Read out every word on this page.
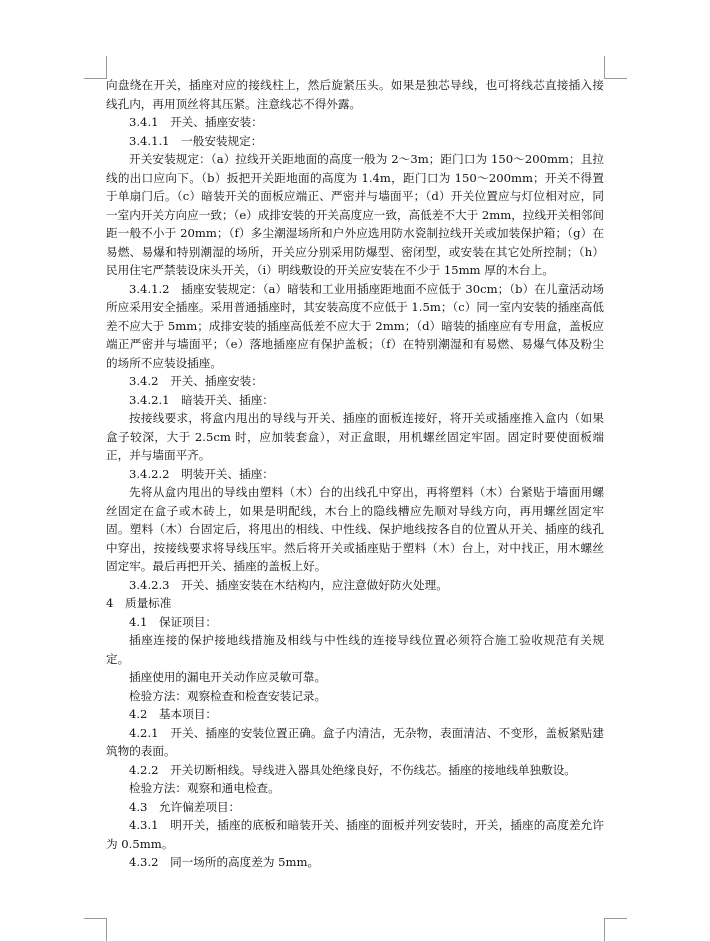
向盘绕在开关，插座对应的接线柱上，然后旋紧压头。如果是独芯导线，也可将线芯直接插入接线孔内，再用顶丝将其压紧。注意线芯不得外露。

3.4.1　开关、插座安装：

3.4.1.1　一般安装规定：

开关安装规定：（a）拉线开关距地面的高度一般为 2～3m；距门口为 150～200mm；且拉线的出口应向下。（b）扳把开关距地面的高度为 1.4m，距门口为 150～200mm；开关不得置于单扇门后。（c）暗装开关的面板应端正、严密并与墙面平；（d）开关位置应与灯位相对应，同一室内开关方向应一致；（e）成排安装的开关高度应一致，高低差不大于 2mm，拉线开关相邻间距一般不小于 20mm；（f）多尘潮湿场所和户外应选用防水瓷制拉线开关或加装保护箱；（g）在易燃、易爆和特别潮湿的场所，开关应分别采用防爆型、密闭型，或安装在其它处所控制；（h）民用住宅严禁装设床头开关，（i）明线敷设的开关应安装在不少于 15mm 厚的木台上。

3.4.1.2　插座安装规定：（a）暗装和工业用插座距地面不应低于 30cm；（b）在儿童活动场所应采用安全插座。采用普通插座时，其安装高度不应低于 1.5m；（c）同一室内安装的插座高低差不应大于 5mm；成排安装的插座高低差不应大于 2mm；（d）暗装的插座应有专用盒，盖板应端正严密并与墙面平；（e）落地插座应有保护盖板；（f）在特别潮湿和有易燃、易爆气体及粉尘的场所不应装设插座。

3.4.2　开关、插座安装：

3.4.2.1　暗装开关、插座：

按接线要求，将盒内甩出的导线与开关、插座的面板连接好，将开关或插座推入盒内（如果盒子较深，大于 2.5cm 时，应加装套盒），对正盒眼，用机螺丝固定牢固。固定时要使面板端正，并与墙面平齐。

3.4.2.2　明装开关、插座：

先将从盒内甩出的导线由塑料（木）台的出线孔中穿出，再将塑料（木）台紧贴于墙面用螺丝固定在盒子或木砖上，如果是明配线，木台上的隐线槽应先顺对导线方向，再用螺丝固定牢固。塑料（木）台固定后，将甩出的相线、中性线、保护地线按各自的位置从开关、插座的线孔中穿出，按接线要求将导线压牢。然后将开关或插座贴于塑料（木）台上，对中找正，用木螺丝固定牢。最后再把开关、插座的盖板上好。

3.4.2.3　开关、插座安装在木结构内，应注意做好防火处理。

4　质量标准

4.1　保证项目：

插座连接的保护接地线措施及相线与中性线的连接导线位置必须符合施工验收规范有关规定。

插座使用的漏电开关动作应灵敏可靠。

检验方法：观察检查和检查安装记录。

4.2　基本项目：

4.2.1　开关、插座的安装位置正确。盒子内清洁，无杂物，表面清洁、不变形，盖板紧贴建筑物的表面。

4.2.2　开关切断相线。导线进入器具处绝缘良好，不伤线芯。插座的接地线单独敷设。

检验方法：观察和通电检查。

4.3　允许偏差项目：

4.3.1　明开关，插座的底板和暗装开关、插座的面板并列安装时，开关，插座的高度差允许为 0.5mm。

4.3.2　同一场所的高度差为 5mm。
